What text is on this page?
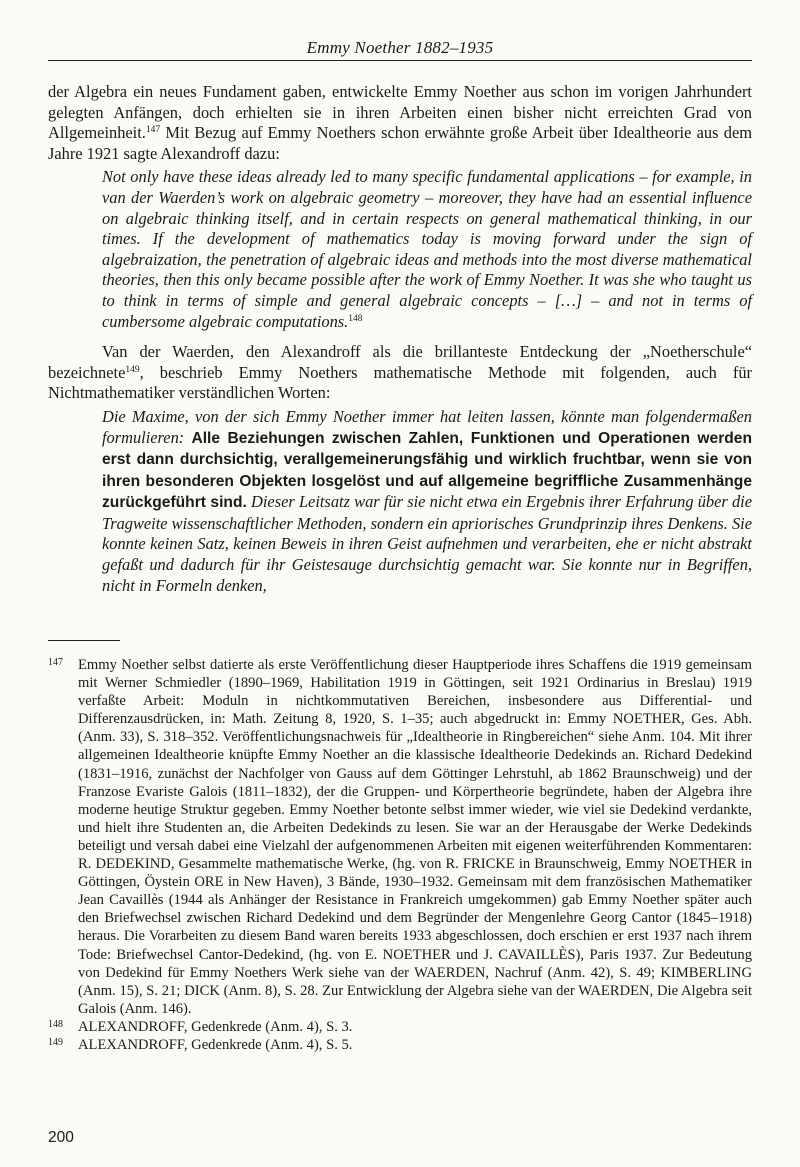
Emmy Noether 1882–1935

der Algebra ein neues Fundament gaben, entwickelte Emmy Noether aus schon im vorigen Jahrhundert gelegten Anfängen, doch erhielten sie in ihren Arbeiten einen bisher nicht erreichten Grad von Allgemeinheit.$^{147}$ Mit Bezug auf Emmy Noethers schon erwähnte große Arbeit über Idealtheorie aus dem Jahre 1921 sagte Alexandroff dazu:

Not only have these ideas already led to many specific fundamental applications – for example, in van der Waerden’s work on algebraic geometry – moreover, they have had an essential influence on algebraic thinking itself, and in certain respects on general mathematical thinking, in our times. If the development of mathematics today is moving forward under the sign of algebraization, the penetration of algebraic ideas and methods into the most diverse mathematical theories, then this only became possible after the work of Emmy Noether. It was she who taught us to think in terms of simple and general algebraic concepts – […] – and not in terms of cumbersome algebraic computations.$^{148}$

Van der Waerden, den Alexandroff als die brillanteste Entdeckung der „Noetherschule“ bezeichnete$^{149}$, beschrieb Emmy Noethers mathematische Methode mit folgenden, auch für Nichtmathematiker verständlichen Worten:

Die Maxime, von der sich Emmy Noether immer hat leiten lassen, könnte man folgendermaßen formulieren: Alle Beziehungen zwischen Zahlen, Funktionen und Operationen werden erst dann durchsichtig, verallgemeinerungsfähig und wirklich fruchtbar, wenn sie von ihren besonderen Objekten losgelöst und auf allgemeine begriffliche Zusammenhänge zurückgeführt sind. Dieser Leitsatz war für sie nicht etwa ein Ergebnis ihrer Erfahrung über die Tragweite wissenschaftlicher Methoden, sondern ein apriorisches Grundprinzip ihres Denkens. Sie konnte keinen Satz, keinen Beweis in ihren Geist aufnehmen und verarbeiten, ehe er nicht abstrakt gefaßt und dadurch für ihr Geistesauge durchsichtig gemacht war. Sie konnte nur in Begriffen, nicht in Formeln denken,

147 Emmy Noether selbst datierte als erste Veröffentlichung dieser Hauptperiode ihres Schaffens die 1919 gemeinsam mit Werner Schmiedler (1890–1969, Habilitation 1919 in Göttingen, seit 1921 Ordinarius in Breslau) 1919 verfaßte Arbeit: Moduln in nichtkommutativen Bereichen, insbesondere aus Differential- und Differenzausdrücken, in: Math. Zeitung 8, 1920, S. 1–35; auch abgedruckt in: Emmy NOETHER, Ges. Abh. (Anm. 33), S. 318–352. Veröffentlichungsnachweis für „Idealtheorie in Ringbereichen“ siehe Anm. 104. Mit ihrer allgemeinen Idealtheorie knüpfte Emmy Noether an die klassische Idealtheorie Dedekinds an. Richard Dedekind (1831–1916, zunächst der Nachfolger von Gauss auf dem Göttinger Lehrstuhl, ab 1862 Braunschweig) und der Franzose Evariste Galois (1811–1832), der die Gruppen- und Körpertheorie begründete, haben der Algebra ihre moderne heutige Struktur gegeben. Emmy Noether betonte selbst immer wieder, wie viel sie Dedekind verdankte, und hielt ihre Studenten an, die Arbeiten Dedekinds zu lesen. Sie war an der Herausgabe der Werke Dedekinds beteiligt und versah dabei eine Vielzahl der aufgenommenen Arbeiten mit eigenen weiterführenden Kommentaren: R. DEDEKIND, Gesammelte mathematische Werke, (hg. von R. FRICKE in Braunschweig, Emmy NOETHER in Göttingen, Öystein ORE in New Haven), 3 Bände, 1930–1932. Gemeinsam mit dem französischen Mathematiker Jean Cavaillès (1944 als Anhänger der Resistance in Frankreich umgekommen) gab Emmy Noether später auch den Briefwechsel zwischen Richard Dedekind und dem Begründer der Mengenlehre Georg Cantor (1845–1918) heraus. Die Vorarbeiten zu diesem Band waren bereits 1933 abgeschlossen, doch erschien er erst 1937 nach ihrem Tode: Briefwechsel Cantor-Dedekind, (hg. von E. NOETHER und J. CAVAILLÈS), Paris 1937. Zur Bedeutung von Dedekind für Emmy Noethers Werk siehe van der WAERDEN, Nachruf (Anm. 42), S. 49; KIMBERLING (Anm. 15), S. 21; DICK (Anm. 8), S. 28. Zur Entwicklung der Algebra siehe van der WAERDEN, Die Algebra seit Galois (Anm. 146).
148 ALEXANDROFF, Gedenkrede (Anm. 4), S. 3.
149 ALEXANDROFF, Gedenkrede (Anm. 4), S. 5.
200
